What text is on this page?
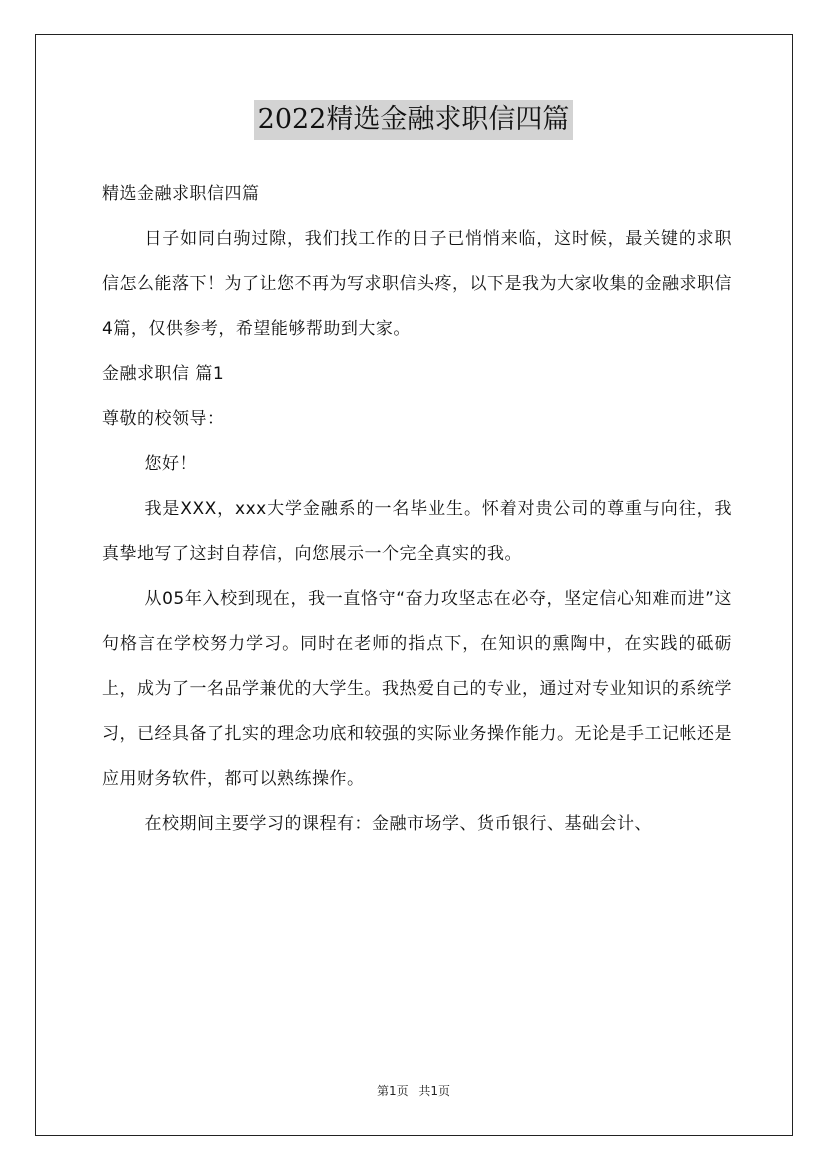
2022精选金融求职信四篇

精选金融求职信四篇

日子如同白驹过隙，我们找工作的日子已悄悄来临，这时候，最关键的求职信怎么能落下！为了让您不再为写求职信头疼，以下是我为大家收集的金融求职信4篇，仅供参考，希望能够帮助到大家。

金融求职信 篇1

尊敬的校领导：

您好！

我是XXX，xxx大学金融系的一名毕业生。怀着对贵公司的尊重与向往，我真挚地写了这封自荐信，向您展示一个完全真实的我。

从05年入校到现在，我一直恪守“奋力攻坚志在必夺，坚定信心知难而进”这句格言在学校努力学习。同时在老师的指点下，在知识的熏陶中，在实践的砥砺上，成为了一名品学兼优的大学生。我热爱自己的专业，通过对专业知识的系统学习，已经具备了扎实的理念功底和较强的实际业务操作能力。无论是手工记帐还是应用财务软件，都可以熟练操作。

在校期间主要学习的课程有：金融市场学、货币银行、基础会计、

第1页 共1页
